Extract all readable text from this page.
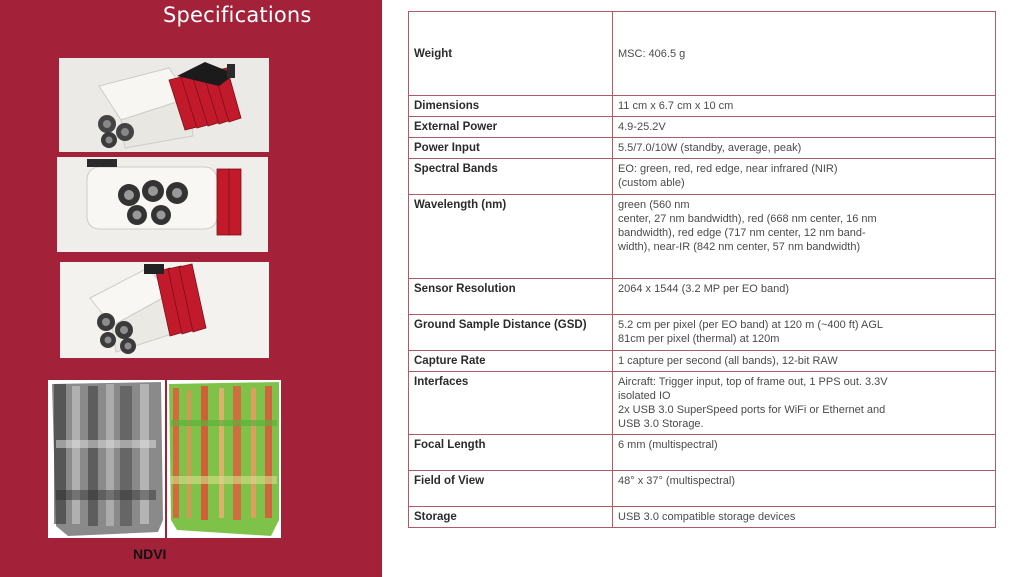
Specifications
NDVI
Weight	MSC: 406.5 g

Dimensions	11 cm x 6.7 cm x 10 cm

External Power	4.9-25.2V

Power Input	5.5/7.0/10W (standby, average, peak)

Spectral Bands	EO: green, red, red edge, near infrared (NIR)
(custom able)

Wavelength (nm)	green (560 nm
center, 27 nm bandwidth), red (668 nm center, 16 nm
bandwidth), red edge (717 nm center, 12 nm band-
width), near-IR (842 nm center, 57 nm bandwidth)

Sensor Resolution	2064 x 1544 (3.2 MP per EO band)

Ground Sample Distance (GSD)	5.2 cm per pixel (per EO band) at 120 m (~400 ft) AGL
81cm per pixel (thermal) at 120m

Capture Rate	1 capture per second (all bands), 12-bit RAW

Interfaces	Aircraft: Trigger input, top of frame out, 1 PPS out. 3.3V
isolated IO
2x USB 3.0 SuperSpeed ports for WiFi or Ethernet and
USB 3.0 Storage.

Focal Length	6 mm (multispectral)

Field of View	48° x 37° (multispectral)

Storage	USB 3.0 compatible storage devices
